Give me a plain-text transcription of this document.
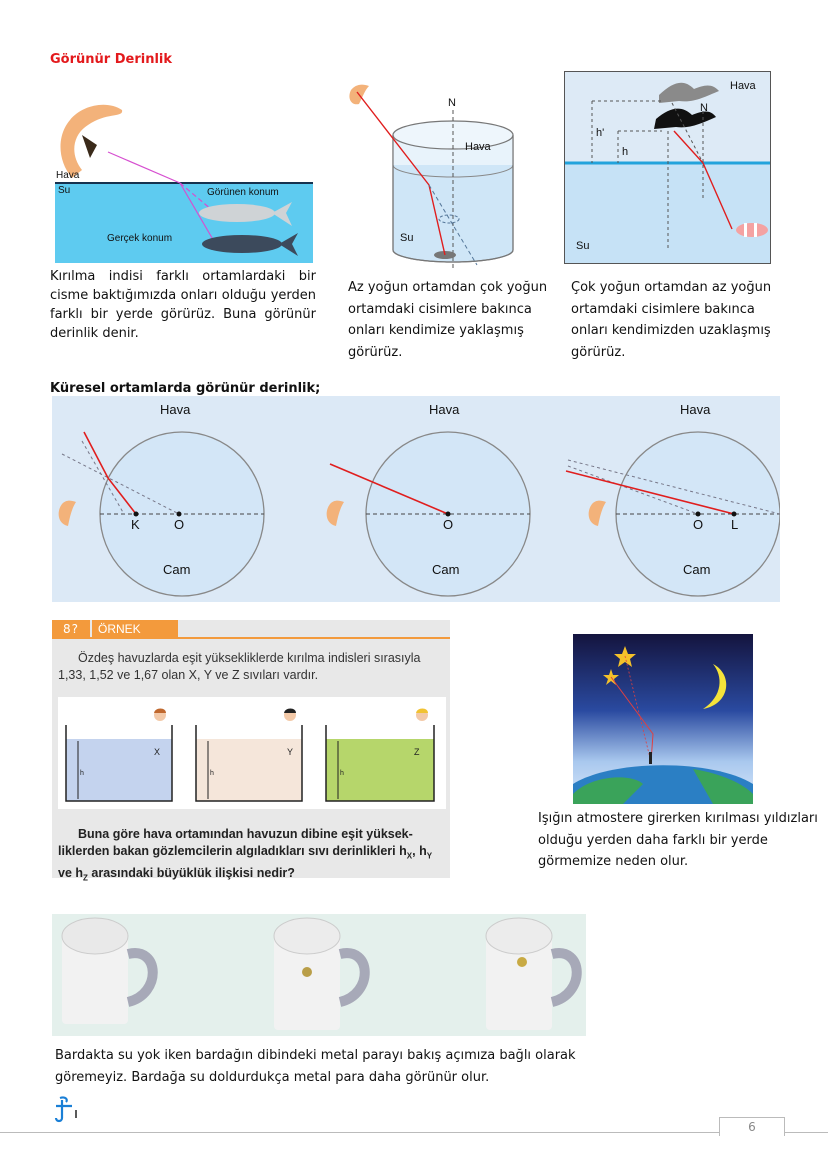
Görünür Derinlik
Hava
Su	Görünen konum
Gerçek konum
Kırılma indisi farklı ortamlardaki bir cisme baktığımızda onları olduğu yerden farklı bir yerde görürüz. Buna görünür derinlik denir.
N
Hava
Su
Az yoğun ortamdan çok yoğun ortamdaki cisimlere bakınca onları kendimize yaklaşmış görürüz.
Hava
N
h'
h
Su
Çok yoğun ortamdan az yoğun ortamdaki cisimlere bakınca onları kendimizden uzaklaşmış görürüz.
Küresel ortamlarda görünür derinlik;
Hava
Cam
K	O
Hava
Cam
O
Hava
Cam
O L
8?	ÖRNEK
Özdeş havuzlarda eşit yüksekliklerde kırılma indisleri sırasıyla 1,33, 1,52 ve 1,67 olan X, Y ve Z sıvıları vardır.
X
h
Y
h
Z
h
Buna göre hava ortamından havuzun dibine eşit yüksek-liklerden bakan gözlemcilerin algıladıkları sıvı derinlikleri $h_X$, $h_Y$ ve $h_Z$ arasındaki büyüklük ilişkisi nedir?
Işığın atmostere girerken kırılması yıldızları olduğu yerden daha farklı bir yerde görmemize neden olur.
Bardakta su yok iken bardağın dibindeki metal parayı bakış açımıza bağlı olarak göremeyiz. Bardağa su doldurdukça metal para daha görünür olur.
6
